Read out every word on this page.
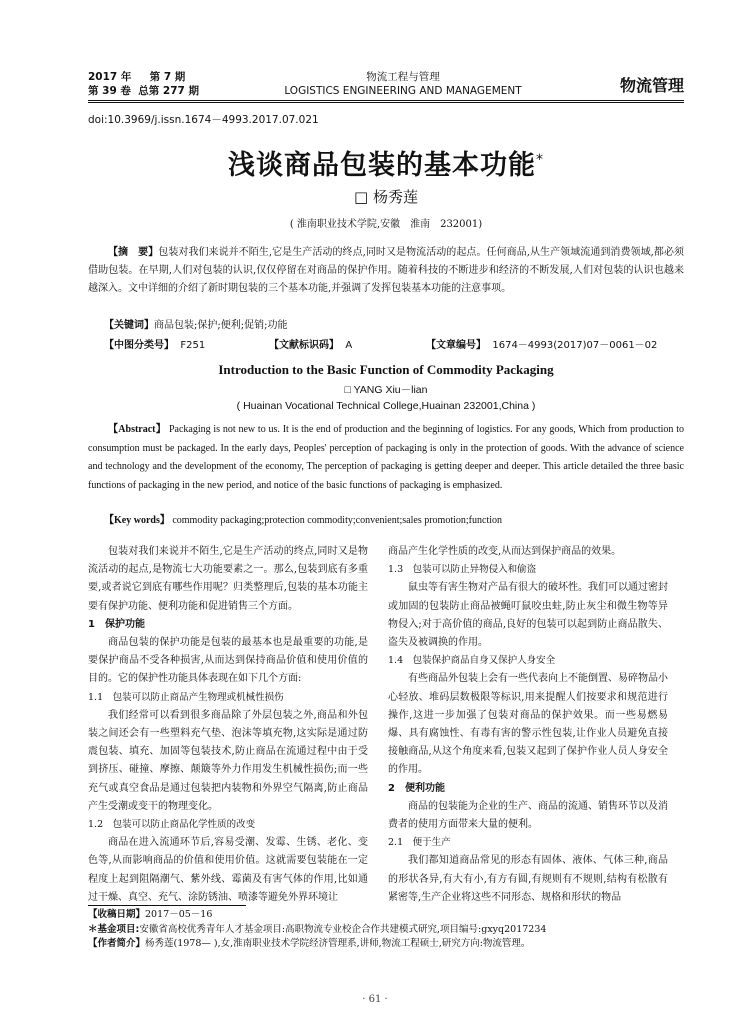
2017 年 第 7 期
第 39 卷 总第 277 期
物流工程与管理
LOGISTICS ENGINEERING AND MANAGEMENT	物流管理
doi:10.3969/j.issn.1674－4993.2017.07.021
浅谈商品包装的基本功能*
□ 杨秀莲
( 淮南职业技术学院,安徽　淮南　232001)
【摘　要】包装对我们来说并不陌生,它是生产活动的终点,同时又是物流活动的起点。任何商品,从生产领域流通到消费领域,都必须借助包装。在早期,人们对包装的认识,仅仅停留在对商品的保护作用。随着科技的不断进步和经济的不断发展,人们对包装的认识也越来越深入。文中详细的介绍了新时期包装的三个基本功能,并强调了发挥包装基本功能的注意事项。
【关键词】商品包装;保护;便利;促销;功能
【中图分类号】 F251	【文献标识码】 A	【文章编号】 1674－4993(2017)07－0061－02
Introduction to the Basic Function of Commodity Packaging
□ YANG Xiu－lian
( Huainan Vocational Technical College,Huainan 232001,China )
【Abstract】 Packaging is not new to us. It is the end of production and the beginning of logistics. For any goods, Which from production to consumption must be packaged. In the early days, Peoples' perception of packaging is only in the protection of goods. With the advance of science and technology and the development of the economy, The perception of packaging is getting deeper and deeper. This article detailed the three basic functions of packaging in the new period, and notice of the basic functions of packaging is emphasized.
【Key words】 commodity packaging;protection commodity;convenient;sales promotion;function

包装对我们来说并不陌生,它是生产活动的终点,同时又是物流活动的起点,是物流七大功能要素之一。那么,包装到底有多重要,或者说它到底有哪些作用呢？归类整理后,包装的基本功能主要有保护功能、便利功能和促进销售三个方面。

1　保护功能

商品包装的保护功能是包装的最基本也是最重要的功能,是要保护商品不受各种损害,从而达到保持商品价值和使用价值的目的。它的保护性功能具体表现在如下几个方面:

1.1　包装可以防止商品产生物理或机械性损伤

我们经常可以看到很多商品除了外层包装之外,商品和外包装之间还会有一些塑料充气垫、泡沫等填充物,这实际是通过防震包装、填充、加固等包装技术,防止商品在流通过程中由于受到挤压、碰撞、摩擦、颠簸等外力作用发生机械性损伤;而一些充气或真空食品是通过包装把内装物和外界空气隔离,防止商品产生受潮或变干的物理变化。

1.2　包装可以防止商品化学性质的改变

商品在进入流通环节后,容易受潮、发霉、生锈、老化、变色等,从而影响商品的价值和使用价值。这就需要包装能在一定程度上起到阻隔潮气、紫外线、霉菌及有害气体的作用,比如通过干燥、真空、充气、涂防锈油、喷漆等避免外界环境让

商品产生化学性质的改变,从而达到保护商品的效果。

1.3　包装可以防止异物侵入和偷盗

鼠虫等有害生物对产品有很大的破坏性。我们可以通过密封或加固的包装防止商品被蝇叮鼠咬虫蛀,防止灰尘和微生物等异物侵入;对于高价值的商品,良好的包装可以起到防止商品散失、盗失及被调换的作用。

1.4　包装保护商品自身又保护人身安全

有些商品外包装上会有一些代表向上不能倒置、易碎物品小心轻放、堆码层数极限等标识,用来提醒人们按要求和规范进行操作,这进一步加强了包装对商品的保护效果。而一些易燃易爆、具有腐蚀性、有毒有害的警示性包装,让作业人员避免直接接触商品,从这个角度来看,包装又起到了保护作业人员人身安全的作用。

2　便利功能

商品的包装能为企业的生产、商品的流通、销售环节以及消费者的使用方面带来大量的便利。

2.1　便于生产

我们都知道商品常见的形态有固体、液体、气体三种,商品的形状各异,有大有小,有方有圆,有规则有不规则,结构有松散有紧密等,生产企业将这些不同形态、规格和形状的物品

【收稿日期】2017－05－16
＊基金项目:安徽省高校优秀青年人才基金项目:高职物流专业校企合作共建模式研究,项目编号:gxyq2017234
【作者简介】杨秀莲(1978— ),女,淮南职业技术学院经济管理系,讲师,物流工程硕士,研究方向:物流管理。
· 61 ·
